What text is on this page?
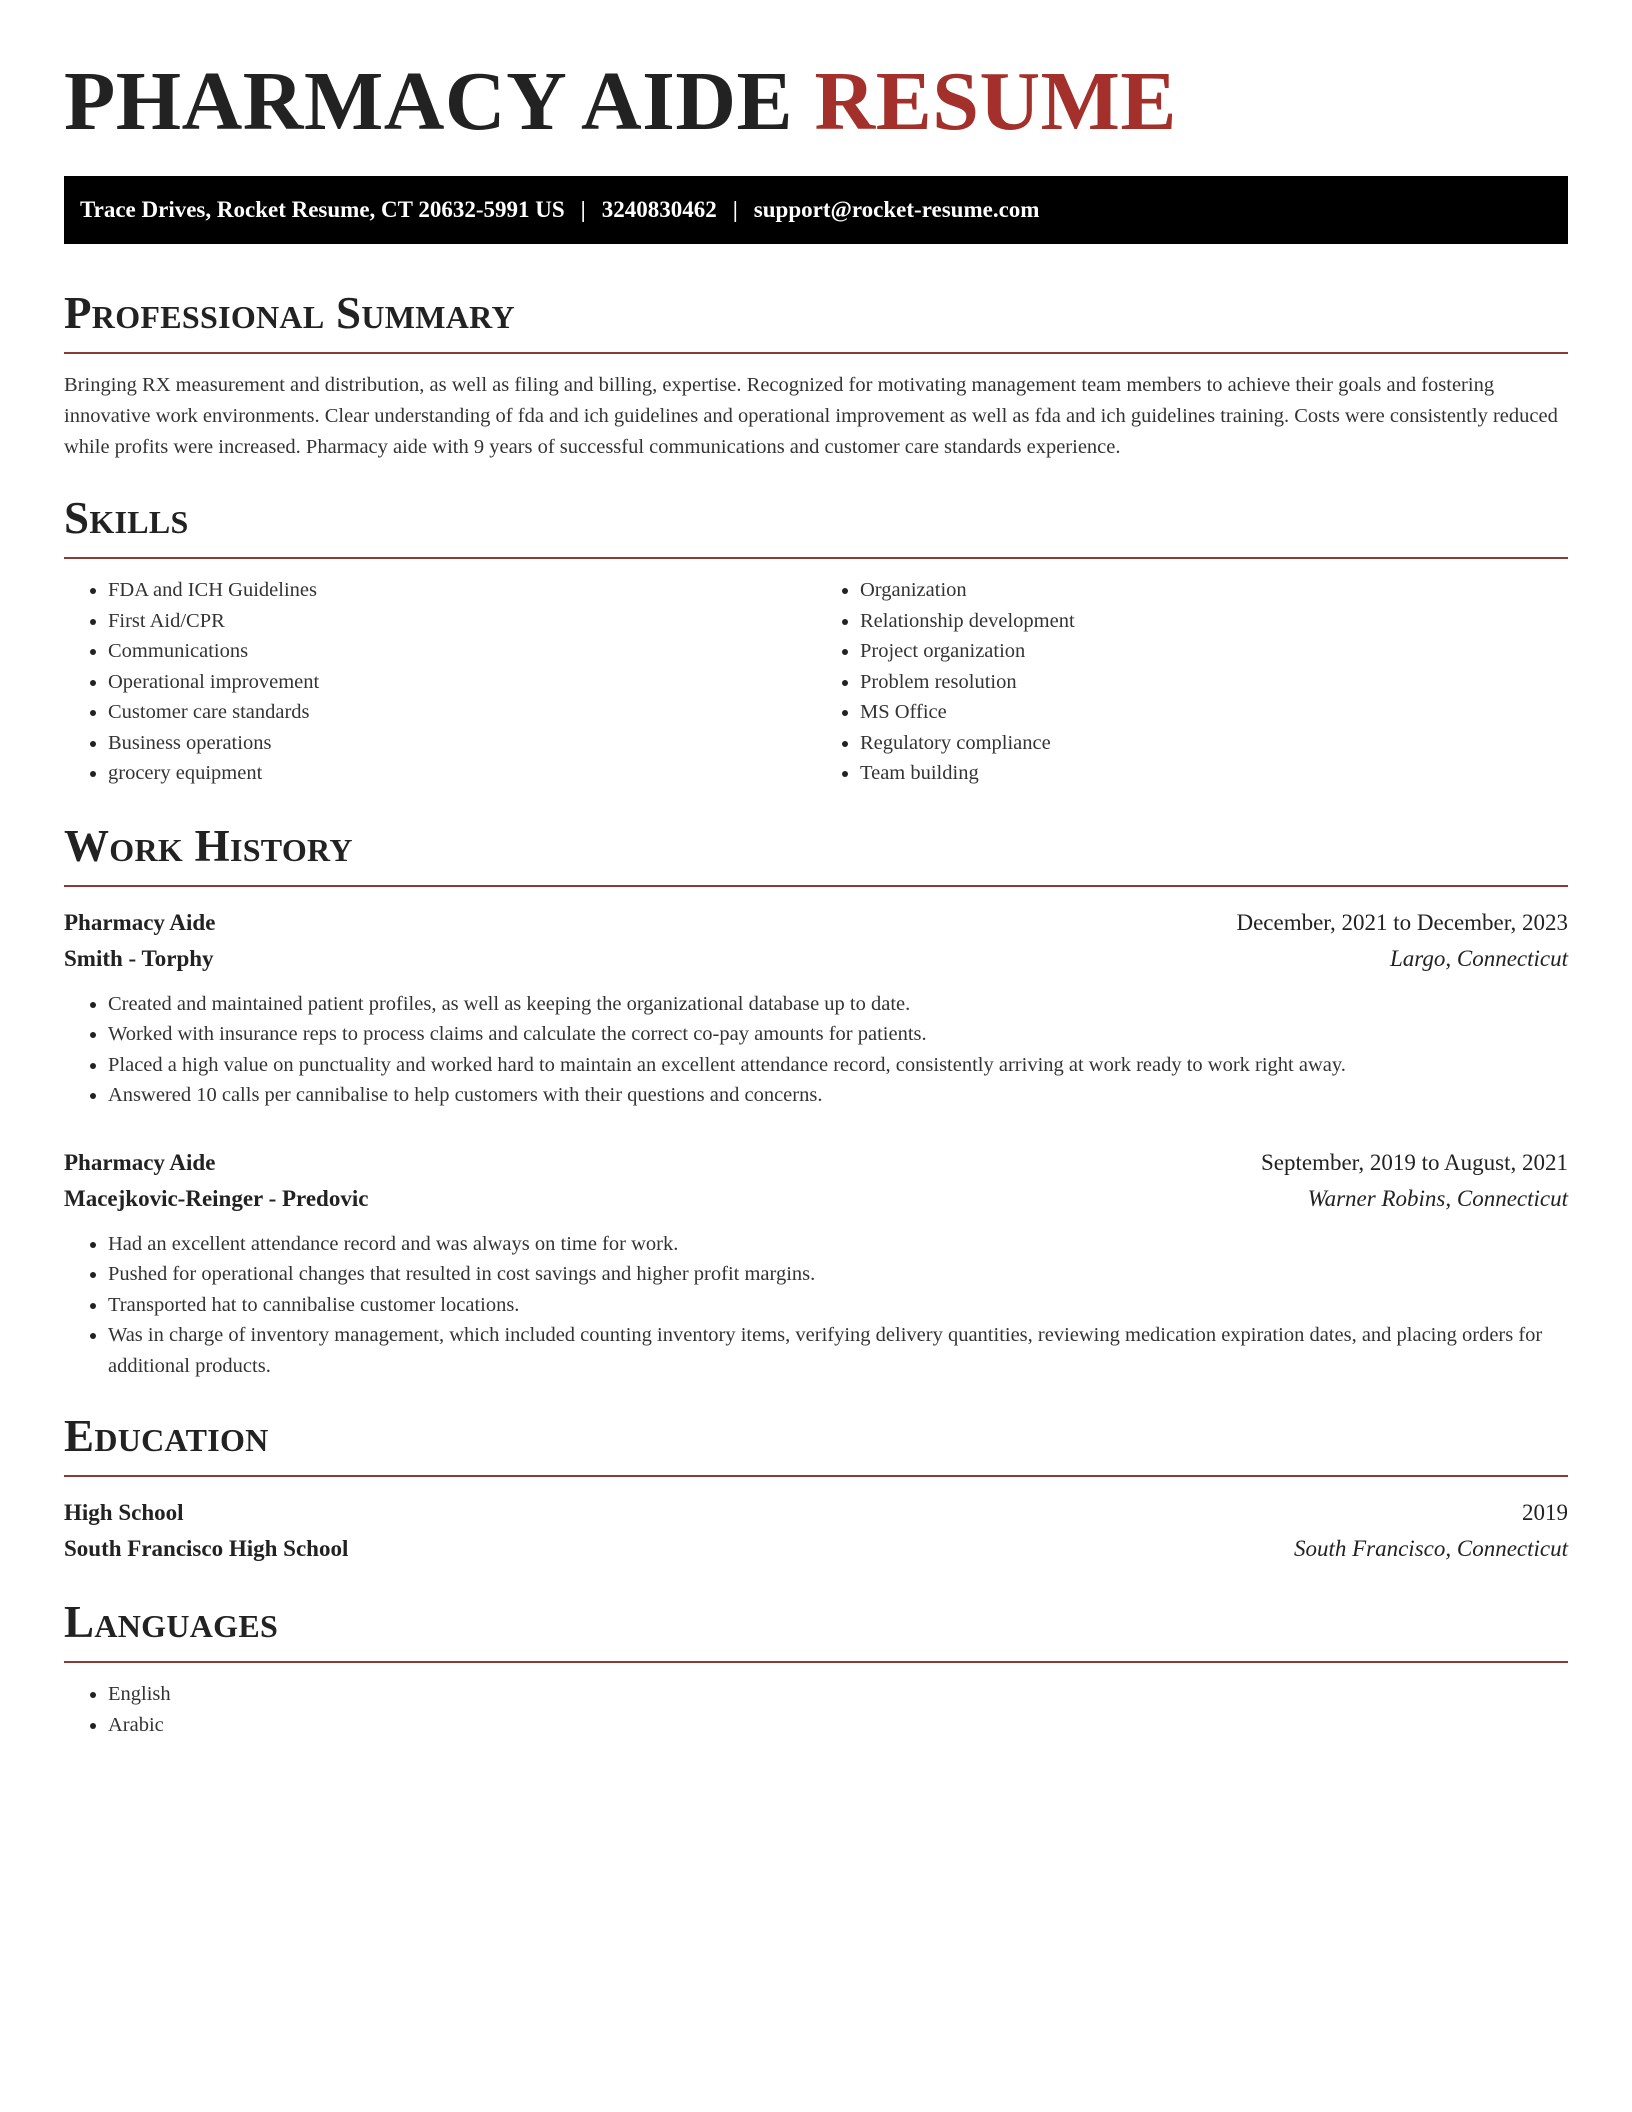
PHARMACY AIDE RESUME
Trace Drives, Rocket Resume, CT 20632-5991 US | 3240830462 | support@rocket-resume.com
Professional Summary

Bringing RX measurement and distribution, as well as filing and billing, expertise. Recognized for motivating management team members to achieve their goals and fostering innovative work environments. Clear understanding of fda and ich guidelines and operational improvement as well as fda and ich guidelines training. Costs were consistently reduced while profits were increased. Pharmacy aide with 9 years of successful communications and customer care standards experience.

Skills
• FDA and ICH Guidelines
• First Aid/CPR
• Communications
• Operational improvement
• Customer care standards
• Business operations
• grocery equipment
• Organization
• Relationship development
• Project organization
• Problem resolution
• MS Office
• Regulatory compliance
• Team building
Work History
Pharmacy Aide	December, 2021 to December, 2023
Smith - Torphy	Largo, Connecticut
• Created and maintained patient profiles, as well as keeping the organizational database up to date.
• Worked with insurance reps to process claims and calculate the correct co-pay amounts for patients.
• Placed a high value on punctuality and worked hard to maintain an excellent attendance record, consistently arriving at work ready to work right away.
• Answered 10 calls per cannibalise to help customers with their questions and concerns.
Pharmacy Aide	September, 2019 to August, 2021
Macejkovic-Reinger - Predovic	Warner Robins, Connecticut
• Had an excellent attendance record and was always on time for work.
• Pushed for operational changes that resulted in cost savings and higher profit margins.
• Transported hat to cannibalise customer locations.
• Was in charge of inventory management, which included counting inventory items, verifying delivery quantities, reviewing medication expiration dates, and placing orders for additional products.
Education
High School	2019
South Francisco High School	South Francisco, Connecticut
Languages
• English
• Arabic
